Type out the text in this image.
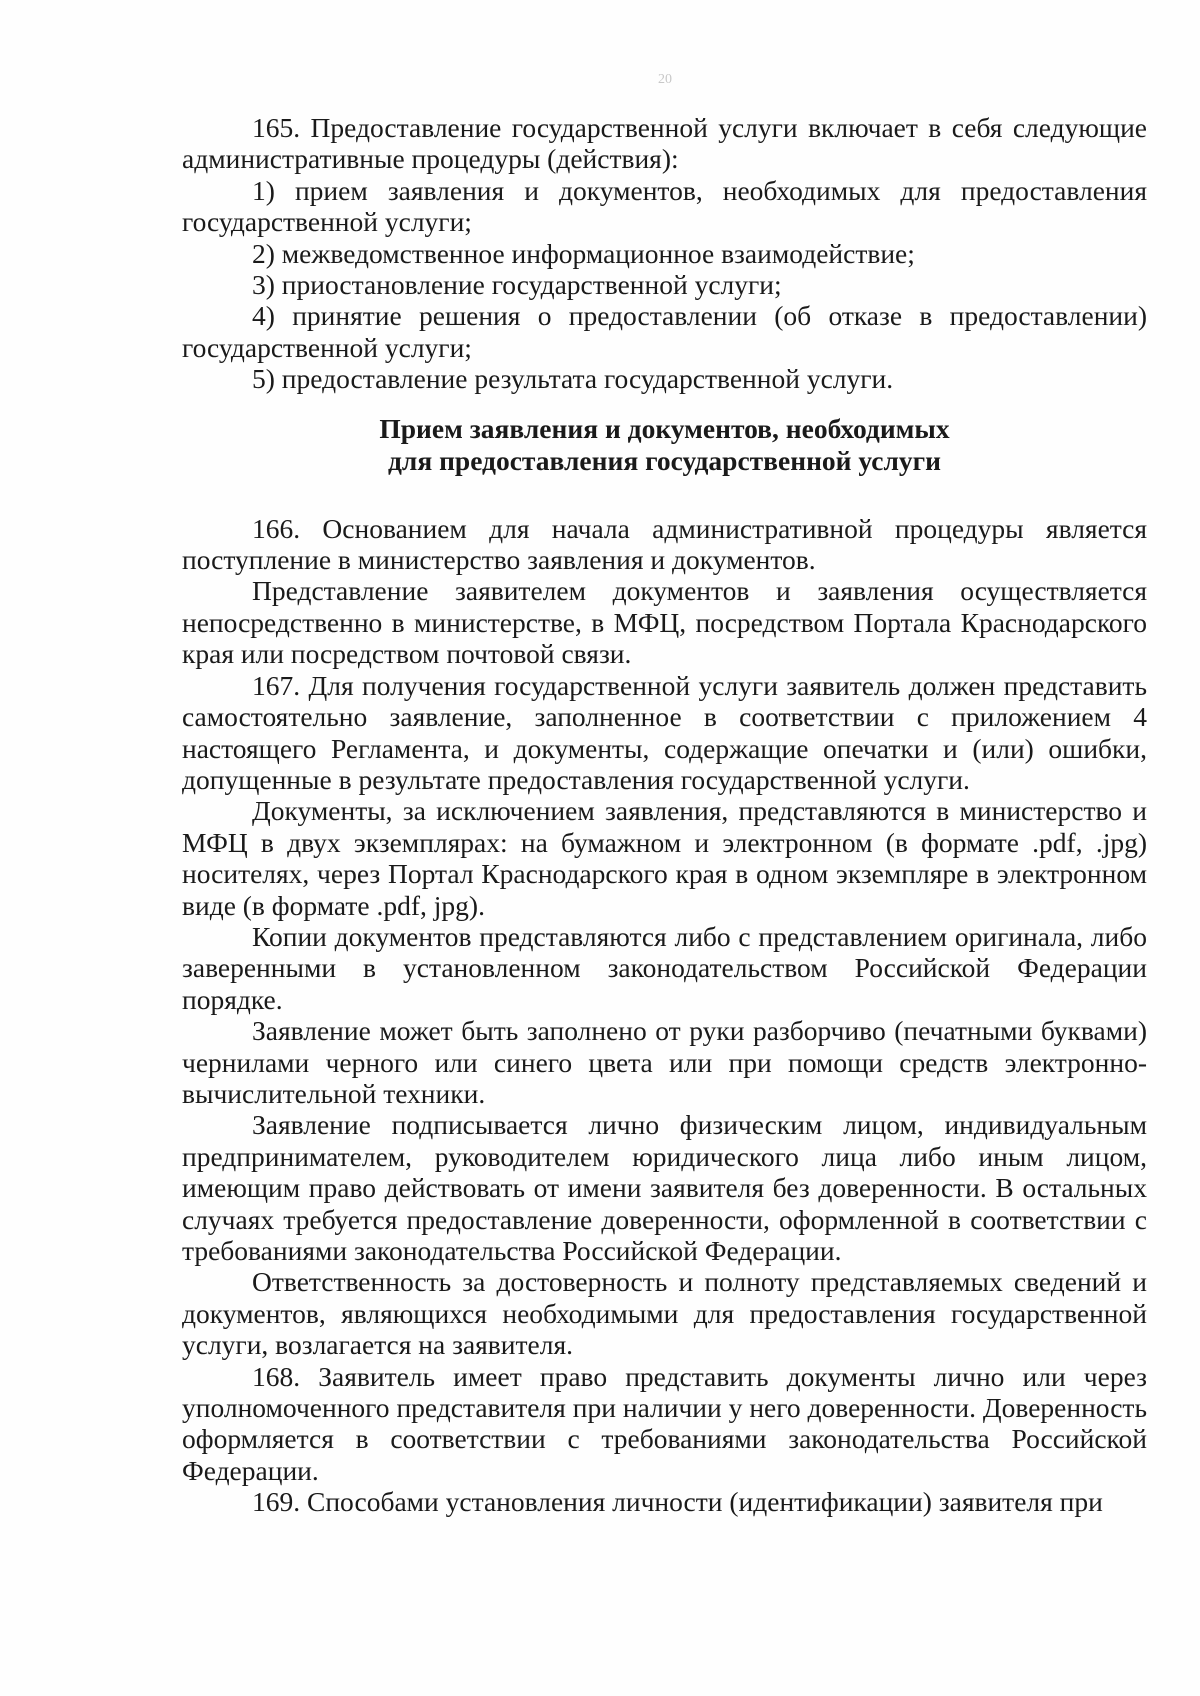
20

165. Предоставление государственной услуги включает в себя следующие административные процедуры (действия):

1) прием заявления и документов, необходимых для предоставления государственной услуги;

2) межведомственное информационное взаимодействие;

3) приостановление государственной услуги;

4) принятие решения о предоставлении (об отказе в предоставлении) государственной услуги;

5) предоставление результата государственной услуги.

Прием заявления и документов, необходимых
для предоставления государственной услуги

166. Основанием для начала административной процедуры является поступление в министерство заявления и документов.

Представление заявителем документов и заявления осуществляется непосредственно в министерстве, в МФЦ, посредством Портала Краснодарского края или посредством почтовой связи.

167. Для получения государственной услуги заявитель должен представить самостоятельно заявление, заполненное в соответствии с приложением 4 настоящего Регламента, и документы, содержащие опечатки и (или) ошибки, допущенные в результате предоставления государственной услуги.

Документы, за исключением заявления, представляются в министерство и МФЦ в двух экземплярах: на бумажном и электронном (в формате .pdf, .jpg) носителях, через Портал Краснодарского края в одном экземпляре в электронном виде (в формате .pdf, jpg).

Копии документов представляются либо с представлением оригинала, либо заверенными в установленном законодательством Российской Федерации порядке.

Заявление может быть заполнено от руки разборчиво (печатными буквами) чернилами черного или синего цвета или при помощи средств электронно-вычислительной техники.

Заявление подписывается лично физическим лицом, индивидуальным предпринимателем, руководителем юридического лица либо иным лицом, имеющим право действовать от имени заявителя без доверенности. В остальных случаях требуется предоставление доверенности, оформленной в соответствии с требованиями законодательства Российской Федерации.

Ответственность за достоверность и полноту представляемых сведений и документов, являющихся необходимыми для предоставления государственной услуги, возлагается на заявителя.

168. Заявитель имеет право представить документы лично или через уполномоченного представителя при наличии у него доверенности. Доверенность оформляется в соответствии с требованиями законодательства Российской Федерации.

169. Способами установления личности (идентификации) заявителя при
